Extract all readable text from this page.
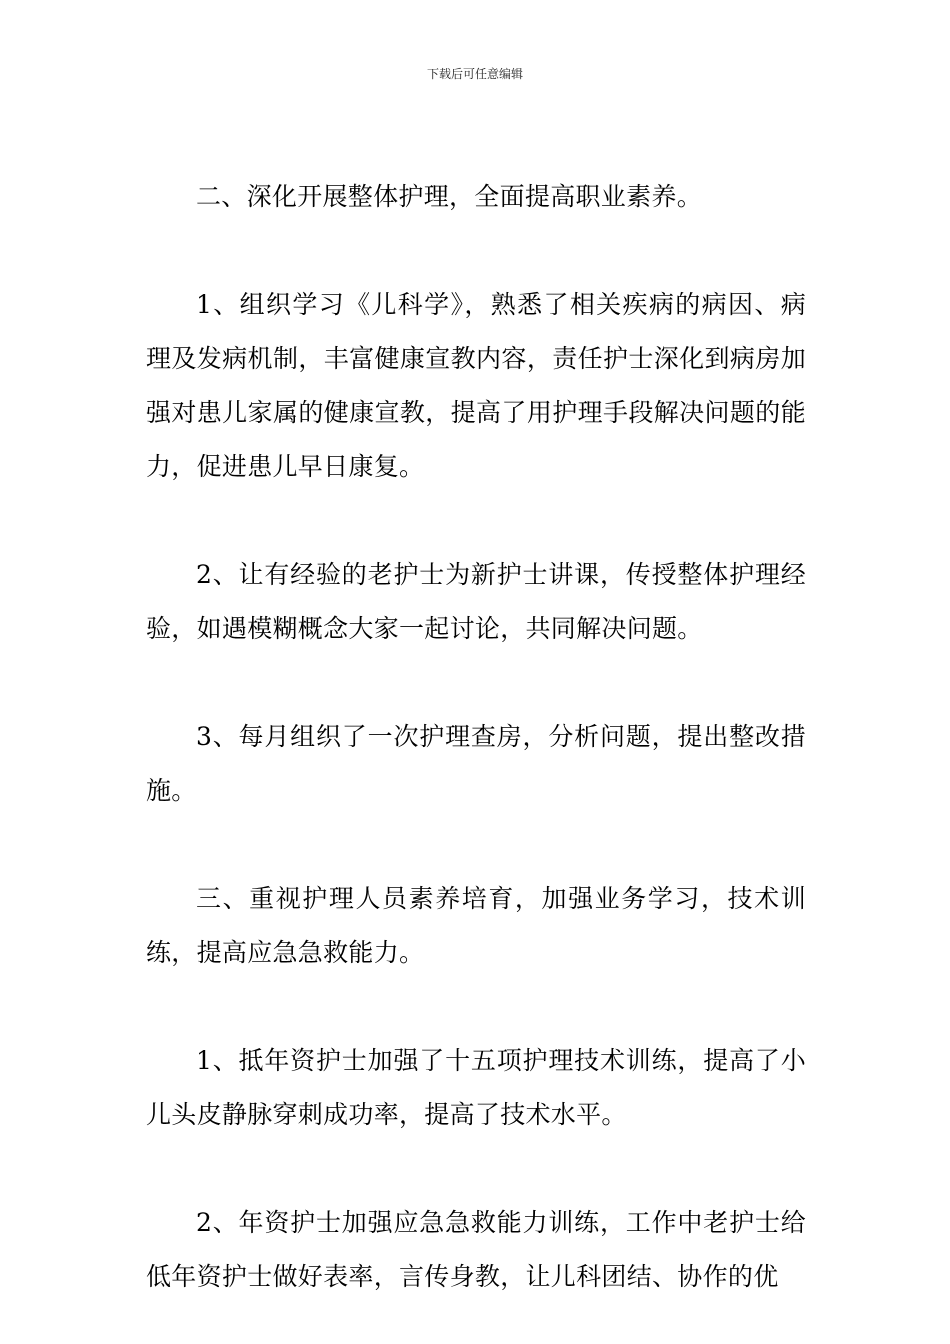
下载后可任意编辑

二、深化开展整体护理，全面提高职业素养。

1、组织学习《儿科学》，熟悉了相关疾病的病因、病理及发病机制，丰富健康宣教内容，责任护士深化到病房加强对患儿家属的健康宣教，提高了用护理手段解决问题的能力，促进患儿早日康复。

2、让有经验的老护士为新护士讲课，传授整体护理经验，如遇模糊概念大家一起讨论，共同解决问题。

3、每月组织了一次护理查房，分析问题，提出整改措施。

三、重视护理人员素养培育，加强业务学习，技术训练，提高应急急救能力。

1、抵年资护士加强了十五项护理技术训练，提高了小儿头皮静脉穿刺成功率，提高了技术水平。

2、年资护士加强应急急救能力训练，工作中老护士给低年资护士做好表率，言传身教，让儿科团结、协作的优
